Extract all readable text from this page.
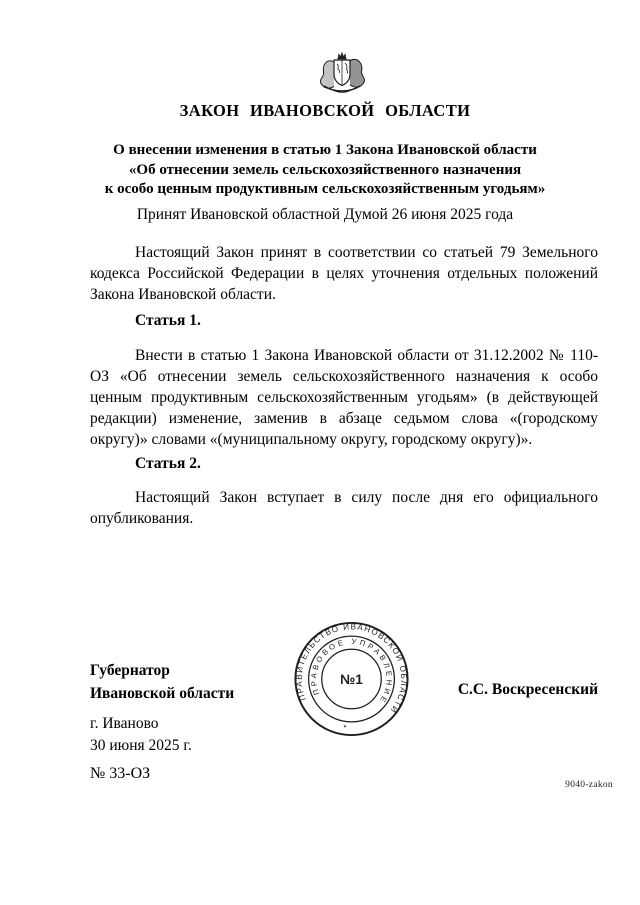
ЗАКОН ИВАНОВСКОЙ ОБЛАСТИ
О внесении изменения в статью 1 Закона Ивановской области
«Об отнесении земель сельскохозяйственного назначения
к особо ценным продуктивным сельскохозяйственным угодьям»
Принят Ивановской областной Думой 26 июня 2025 года
Настоящий Закон принят в соответствии со статьей 79 Земельного кодекса Российской Федерации в целях уточнения отдельных положений Закона Ивановской области.
Статья 1.
Внести в статью 1 Закона Ивановской области от 31.12.2002 № 110-ОЗ «Об отнесении земель сельскохозяйственного назначения к особо ценным продуктивным сельскохозяйственным угодьям» (в действующей редакции) изменение, заменив в абзаце седьмом слова «(городскому округу)» словами «(муниципальному округу, городскому округу)».
Статья 2.
Настоящий Закон вступает в силу после дня его официального опубликования.
Губернатор
Ивановской области	ПРАВИТЕЛЬСТВО ИВАНОВСКОЙ ОБЛАСТИ
ПРАВОВОЕ УПРАВЛЕНИЕ
٭
№1
С.С. Воскресенский
г. Иваново
30 июня 2025 г.
№ 33-ОЗ
9040-zakon
